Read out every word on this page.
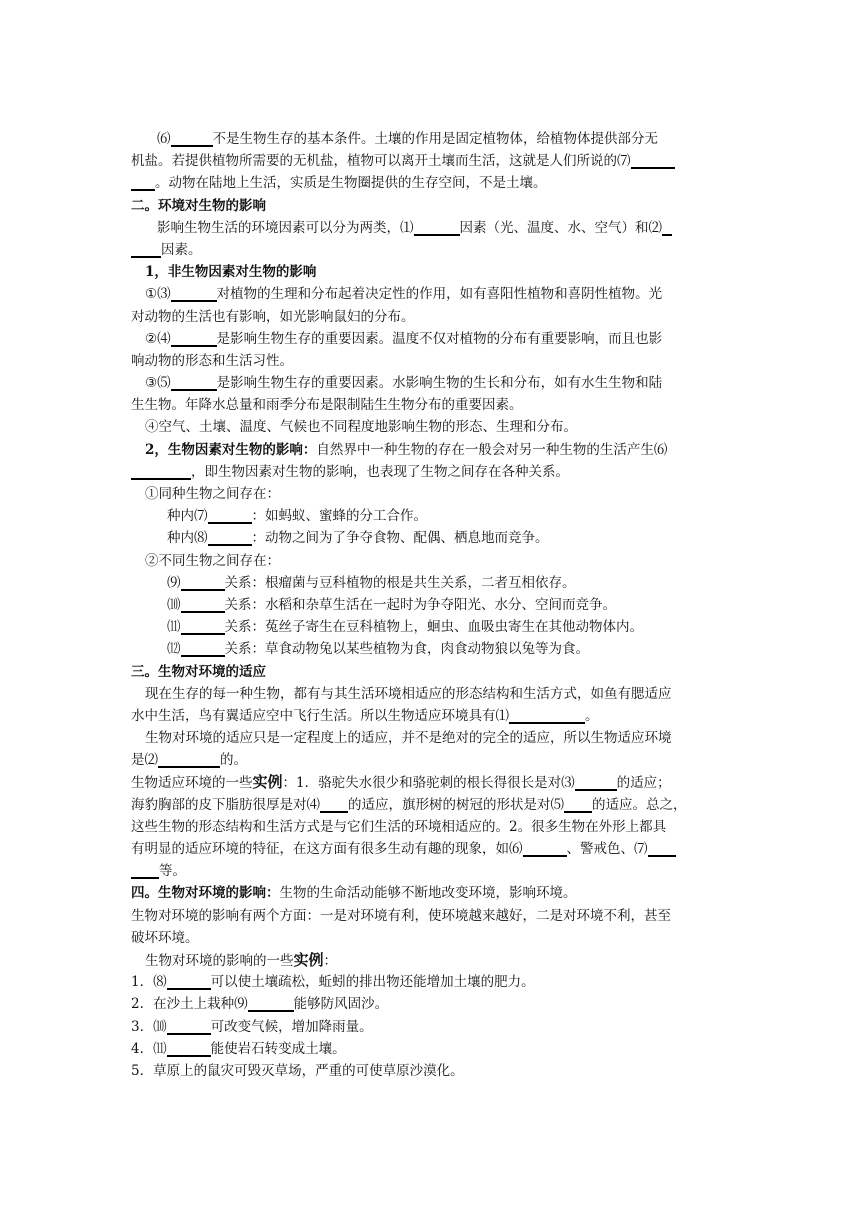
⑹	不是生物生存的基本条件。土壤的作用是固定植物体，给植物体提供部分无
机盐。若提供植物所需要的无机盐，植物可以离开土壤而生活，这就是人们所说的⑺
。动物在陆地上生活，实质是生物圈提供的生存空间，不是土壤。
二。环境对生物的影响
影响生物生活的环境因素可以分为两类，⑴	因素（光、温度、水、空气）和⑵
因素。
1，非生物因素对生物的影响
①⑶	对植物的生理和分布起着决定性的作用，如有喜阳性植物和喜阴性植物。光
对动物的生活也有影响，如光影响鼠妇的分布。
②⑷	是影响生物生存的重要因素。温度不仅对植物的分布有重要影响，而且也影
响动物的形态和生活习性。
③⑸	是影响生物生存的重要因素。水影响生物的生长和分布，如有水生生物和陆
生生物。年降水总量和雨季分布是限制陆生生物分布的重要因素。
④空气、土壤、温度、气候也不同程度地影响生物的形态、生理和分布。
2，生物因素对生物的影响：自然界中一种生物的存在一般会对另一种生物的生活产生⑹
，即生物因素对生物的影响，也表现了生物之间存在各种关系。
①同种生物之间存在：
种内⑺	：如蚂蚁、蜜蜂的分工合作。
种内⑻	：动物之间为了争夺食物、配偶、栖息地而竞争。
②不同生物之间存在：
⑼	关系：根瘤菌与豆科植物的根是共生关系，二者互相依存。
⑽	关系：水稻和杂草生活在一起时为争夺阳光、水分、空间而竞争。
⑾	关系：菟丝子寄生在豆科植物上，蛔虫、血吸虫寄生在其他动物体内。
⑿	关系：草食动物兔以某些植物为食，肉食动物狼以兔等为食。
三。生物对环境的适应
现在生存的每一种生物，都有与其生活环境相适应的形态结构和生活方式，如鱼有腮适应
水中生活，鸟有翼适应空中飞行生活。所以生物适应环境具有⑴	。
生物对环境的适应只是一定程度上的适应，并不是绝对的完全的适应，所以生物适应环境
是⑵	的。
生物适应环境的一些实例：1．骆驼失水很少和骆驼刺的根长得很长是对⑶	的适应；
海豹胸部的皮下脂肪很厚是对⑷ 的适应，旗形树的树冠的形状是对⑸ 的适应。总之，
这些生物的形态结构和生活方式是与它们生活的环境相适应的。2。很多生物在外形上都具
有明显的适应环境的特征，在这方面有很多生动有趣的现象，如⑹	、警戒色、⑺
等。
四。生物对环境的影响：生物的生命活动能够不断地改变环境，影响环境。
生物对环境的影响有两个方面：一是对环境有利，使环境越来越好，二是对环境不利，甚至
破坏环境。
生物对环境的影响的一些实例：
1．⑻	可以使土壤疏松，蚯蚓的排出物还能增加土壤的肥力。
2．在沙土上栽种⑼	能够防风固沙。
3．⑽	可改变气候，增加降雨量。
4．⑾	能使岩石转变成土壤。
5．草原上的鼠灾可毁灭草场，严重的可使草原沙漠化。
